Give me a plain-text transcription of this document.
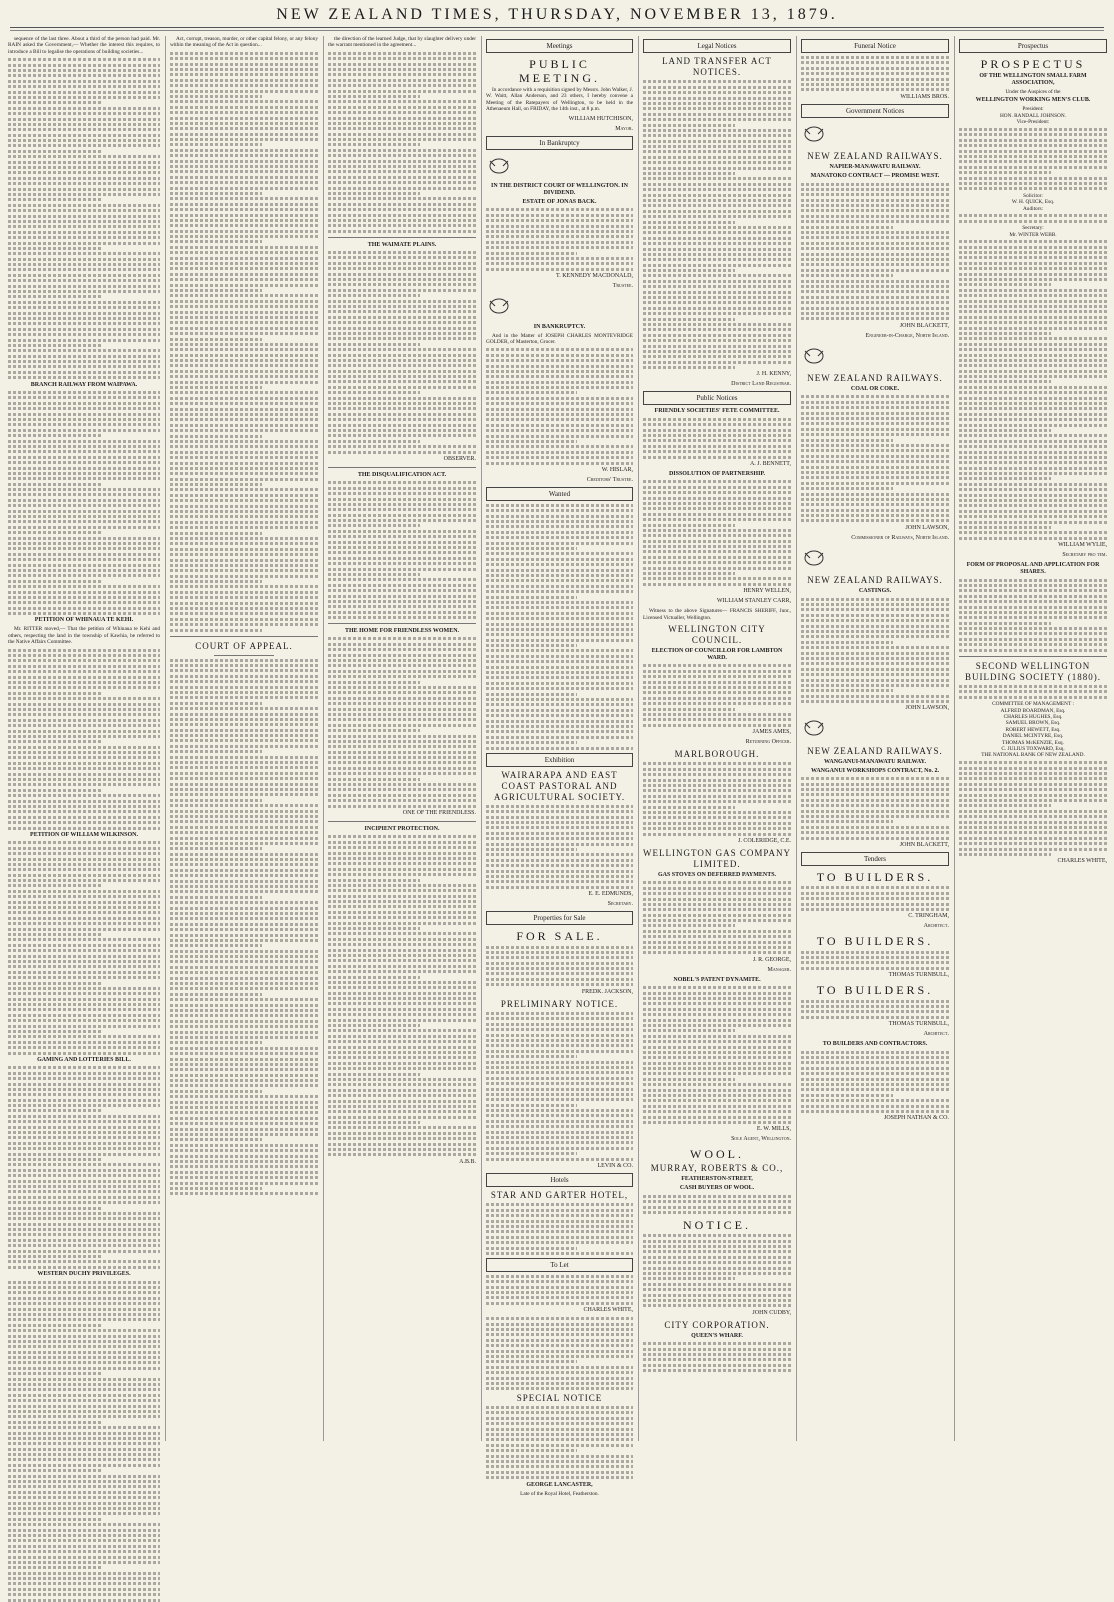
NEW ZEALAND TIMES, THURSDAY, NOVEMBER 13, 1879.

sequence of the last three. About a third of the person had paid. Mr. RAIN asked the Government,— Whether the interest this requires, to introduce a Bill to legalise the operations of building societies...

BRANCH RAILWAY FROM WAIPAWA.
PETITION OF WHINAUA TE KEHI.

Mr. RITTER moved,— That the petition of Whinaua te Kehi and others, respecting the land in the township of Kawhia, be referred to the Native Affairs Committee.

PETITION OF WILLIAM WILKINSON.
GAMING AND LOTTERIES BILL.
WESTERN DUCHY PRIVILEGES.

Act, corrupt, treason, murder, or other capital felony, or any felony within the meaning of the Act in question...

COURT OF APPEAL.

the direction of the learned Judge, that by slaughter delivery under the warrant mentioned in the agreement...

THE WAIMATE PLAINS.
OBSERVER.
THE DISQUALIFICATION ACT.
THE HOME FOR FRIENDLESS WOMEN.
ONE OF THE FRIENDLESS.
INCIPIENT PROTECTION.
A.B.B.
Meetings
PUBLIC MEETING.

In accordance with a requisition signed by Messrs. John Walker, J. W. Waitt, Allan Anderson, and 23 others, I hereby convene a Meeting of the Ratepayers of Wellington, to be held in the Athenaeum Hall, on FRIDAY, the 14th inst., at 8 p.m.

WILLIAM HUTCHISON,
Mayor.
In Bankruptcy
IN THE DISTRICT COURT OF WELLINGTON. IN DIVIDEND.
ESTATE OF JONAS BACK.
T. KENNEDY MACDONALD,
Trustee.
IN BANKRUPTCY.

And in the Matter of JOSEPH CHARLES MONTEVRIDGE GOLDER, of Masterton, Grocer.

W. HISLAR,
Creditors' Trustee.
Wanted
Exhibition
WAIRARAPA AND EAST COAST PASTORAL AND AGRICULTURAL SOCIETY.
E. E. EDMUNDS,
Secretary.
Properties for Sale
FOR SALE.
FREDK. JACKSON,
PRELIMINARY NOTICE.
LEVIN & CO.
Hotels
STAR AND GARTER HOTEL,
To Let
CHARLES WHITE,
SPECIAL NOTICE
GEORGE LANCASTER,
Late of the Royal Hotel, Featherston.
Legal Notices
LAND TRANSFER ACT NOTICES.
J. H. KENNY,
District Land Registrar.
Public Notices
FRIENDLY SOCIETIES' FETE COMMITTEE.
A. J. BENNETT,
DISSOLUTION OF PARTNERSHIP.
HENRY WELLEN,
WILLIAM STANLEY CARR,

Witness to the above Signatures— FRANCIS SHERIFF, Junr., Licensed Victualler, Wellington.

WELLINGTON CITY COUNCIL.
ELECTION OF COUNCILLOR FOR LAMBTON WARD.
JAMES AMES,
Returning Officer.
MARLBOROUGH.
J. COLERIDGE, C.E.
WELLINGTON GAS COMPANY LIMITED.
GAS STOVES ON DEFERRED PAYMENTS.
J. R. GEORGE,
Manager.
NOBEL'S PATENT DYNAMITE.
E. W. MILLS,
Sole Agent, Wellington.
WOOL.
MURRAY, ROBERTS & CO.,
FEATHERSTON-STREET,
CASH BUYERS OF WOOL.
NOTICE.
JOHN CUDBY,
CITY CORPORATION.
QUEEN'S WHARF.
Funeral Notice
WILLIAMS BROS.
Government Notices
NEW ZEALAND RAILWAYS.
NAPIER-MANAWATU RAILWAY.
MANATOKO CONTRACT — PROMISE WEST.
JOHN BLACKETT,
Engineer-in-Charge, North Island.
NEW ZEALAND RAILWAYS.
COAL OR COKE.
JOHN LAWSON,
Commissioner of Railways, North Island.
NEW ZEALAND RAILWAYS.
CASTINGS.
JOHN LAWSON,
NEW ZEALAND RAILWAYS.
WANGANUI-MANAWATU RAILWAY.
WANGANUI WORKSHOPS CONTRACT, No. 2.
JOHN BLACKETT,
Tenders
TO BUILDERS.
C. TRINGHAM,
Architect.
TO BUILDERS.
THOMAS TURNBULL,
TO BUILDERS.
THOMAS TURNBULL,
Architect.
TO BUILDERS AND CONTRACTORS.
JOSEPH NATHAN & CO.
Prospectus
PROSPECTUS
OF THE WELLINGTON SMALL FARM ASSOCIATION,
Under the Auspices of the
WELLINGTON WORKING MEN'S CLUB.
President:
HON. RANDALL JOHNSON.
Vice-President:
Solicitor:
W. H. QUICK, Esq.
Auditors:
Secretary:
Mr. WINTER WEBB.
WILLIAM WYLIE,
Secretary pro tem.
FORM OF PROPOSAL AND APPLICATION FOR SHARES.
SECOND WELLINGTON BUILDING SOCIETY (1880).
COMMITTEE OF MANAGEMENT :
ALFRED BOARDMAN, Esq.
CHARLES HUGHES, Esq.
SAMUEL BROWN, Esq.
ROBERT HEWETT, Esq.
DANIEL MCINTYRE, Esq.
THOMAS McKENZIE, Esq.
C. JULIUS TOXWARD, Esq.
THE NATIONAL BANK OF NEW ZEALAND.
CHARLES WHITE,
